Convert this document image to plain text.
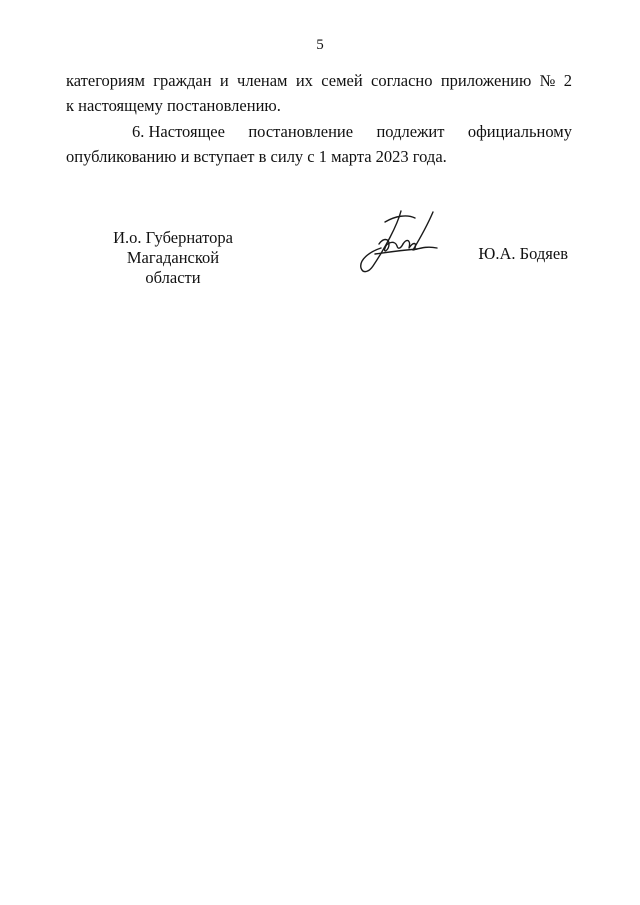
5
категориям граждан и членам их семей согласно приложению № 2
к настоящему постановлению.
6. Настоящее постановление подлежит официальному
опубликованию и вступает в силу с 1 марта 2023 года.
И.о. Губернатора
Магаданской области
Ю.А. Бодяев
